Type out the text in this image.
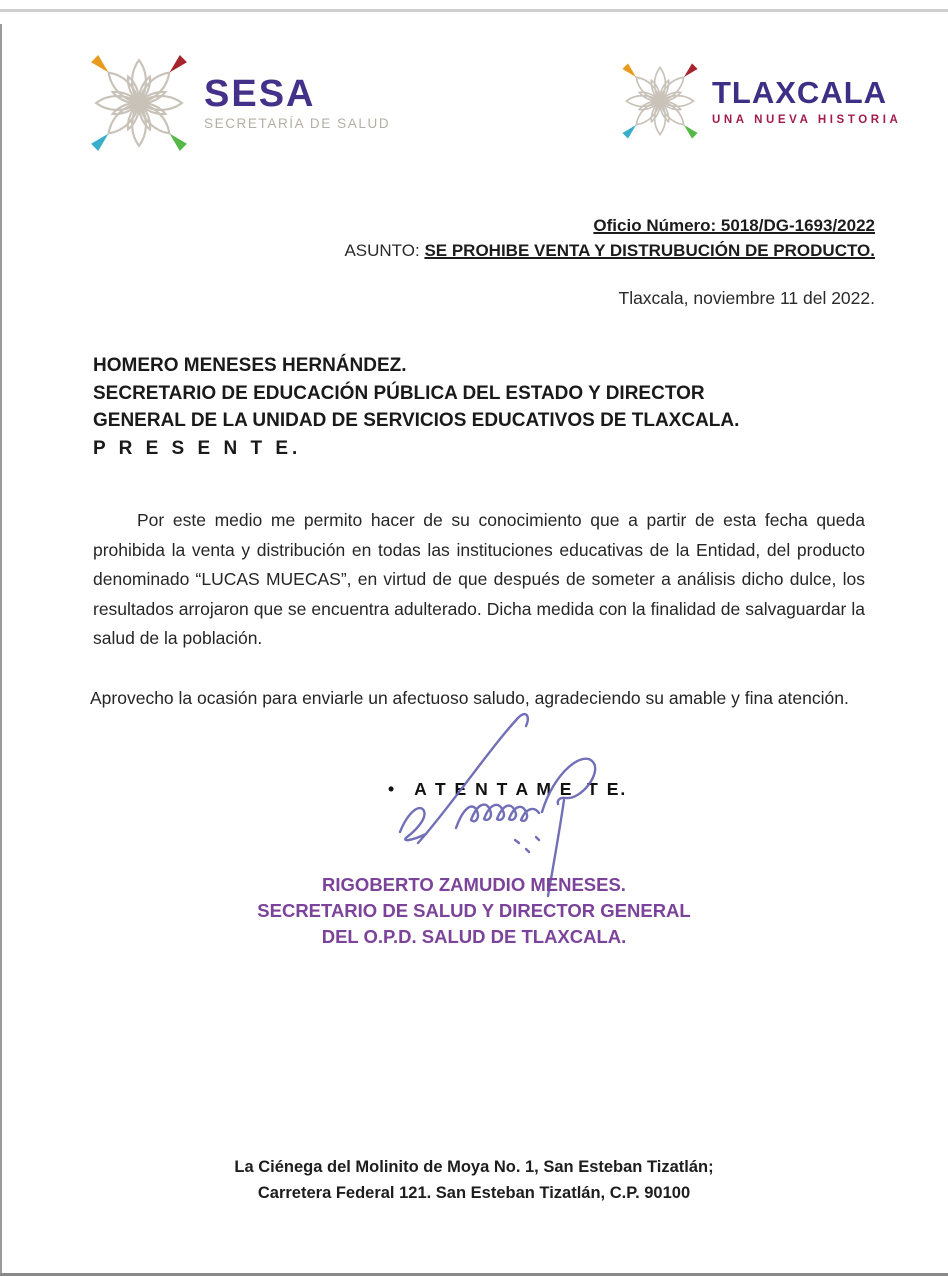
SESA
SECRETARÍA DE SALUD
TLAXCALA
UNA NUEVA HISTORIA
Oficio Número: 5018/DG-1693/2022
ASUNTO: SE PROHIBE VENTA Y DISTRUBUCIÓN DE PRODUCTO.
Tlaxcala, noviembre 11 del 2022.
HOMERO MENESES HERNÁNDEZ.
SECRETARIO DE EDUCACIÓN PÚBLICA DEL ESTADO Y DIRECTOR
GENERAL DE LA UNIDAD DE SERVICIOS EDUCATIVOS DE TLAXCALA.
P R E S E N T E.
Por este medio me permito hacer de su conocimiento que a partir de esta fecha queda prohibida la venta y distribución en todas las instituciones educativas de la Entidad, del producto denominado “LUCAS MUECAS”, en virtud de que después de someter a análisis dicho dulce, los resultados arrojaron que se encuentra adulterado. Dicha medida con la finalidad de salvaguardar la salud de la población.
Aprovecho la ocasión para enviarle un afectuoso saludo, agradeciendo su amable y fina atención.
• A T E N T A M E  T E.
RIGOBERTO ZAMUDIO MENESES.
SECRETARIO DE SALUD Y DIRECTOR GENERAL
DEL O.P.D. SALUD DE TLAXCALA.
La Ciénega del Molinito de Moya No. 1, San Esteban Tizatlán;
Carretera Federal 121. San Esteban Tizatlán, C.P. 90100
